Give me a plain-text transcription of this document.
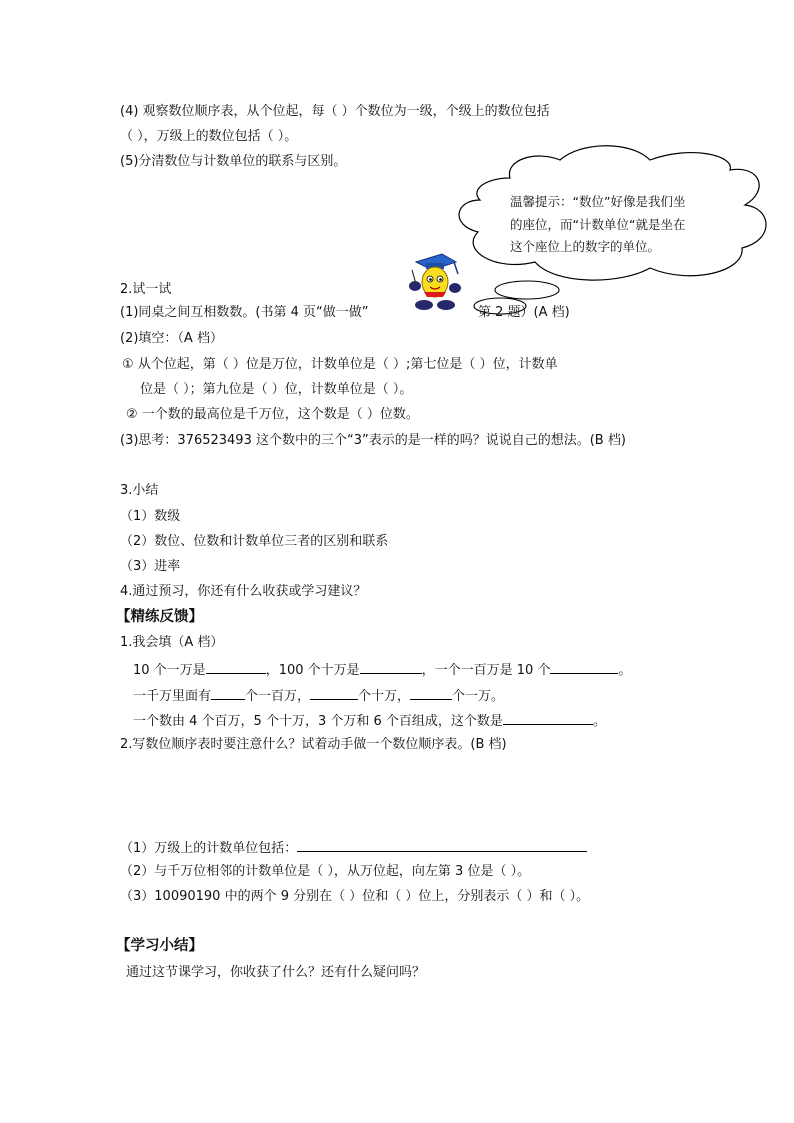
(4) 观察数位顺序表，从个位起，每（ ）个数位为一级，个级上的数位包括
（ ），万级上的数位包括（ ）。
(5)分清数位与计数单位的联系与区别。
温馨提示：“数位”好像是我们坐
的座位，而“计数单位“就是坐在
这个座位上的数字的单位。
2.试一试
(1)同桌之间互相数数。(书第 4 页“做一做”	第 2 题）(A 档)
(2)填空：（A 档）
① 从个位起，第（ ）位是万位，计数单位是（ ）;第七位是（ ）位，计数单
位是（ ）；第九位是（ ）位，计数单位是（ ）。
② 一个数的最高位是千万位，这个数是（ ）位数。
(3)思考：376523493 这个数中的三个“3”表示的是一样的吗？说说自己的想法。(B 档)
3.小结
（1）数级
（2）数位、位数和计数单位三者的区别和联系
（3）进率
4.通过预习，你还有什么收获或学习建议？
【精练反馈】
1.我会填（A 档）
10 个一万是	，100 个十万是	，一个一百万是 10 个	。
一千万里面有	个一百万，	个十万，	个一万。
一个数由 4 个百万，5 个十万，3 个万和 6 个百组成，这个数是	。
2.写数位顺序表时要注意什么？试着动手做一个数位顺序表。(B 档)
（1）万级上的计数单位包括：
（2）与千万位相邻的计数单位是（ ），从万位起，向左第 3 位是（ ）。
（3）10090190 中的两个 9 分别在（ ）位和（ ）位上，分别表示（ ）和（ ）。
【学习小结】
通过这节课学习，你收获了什么？还有什么疑问吗？
